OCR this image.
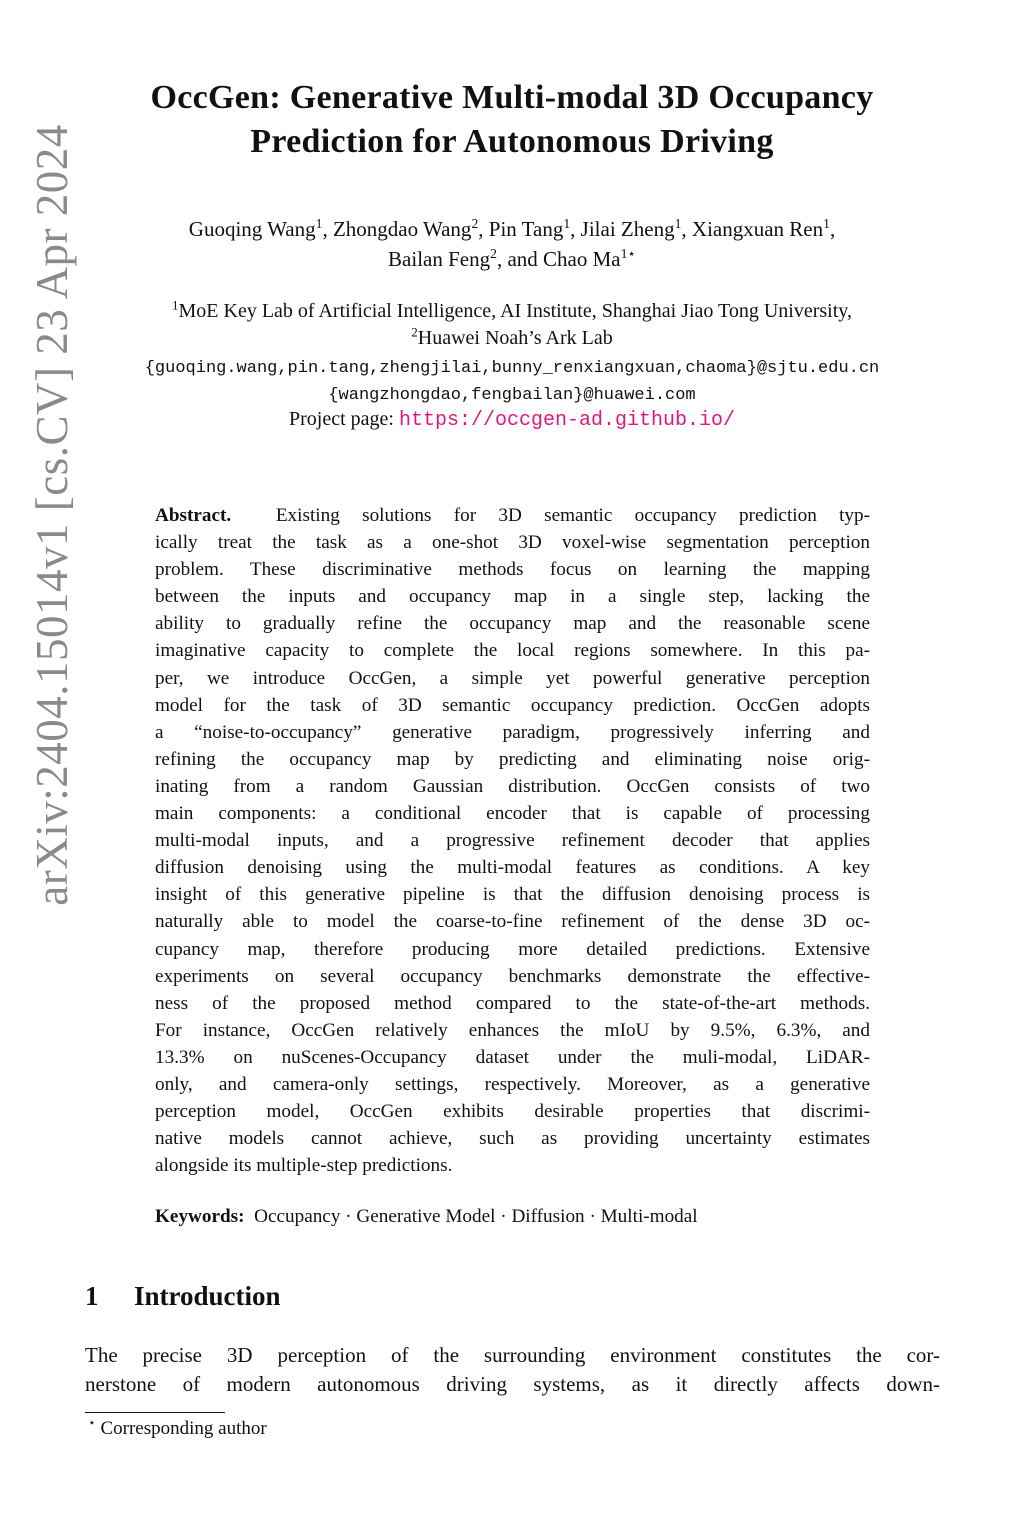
arXiv:2404.15014v1 [cs.CV] 23 Apr 2024
OccGen: Generative Multi-modal 3D Occupancy
Prediction for Autonomous Driving
Guoqing Wang$^1$, Zhongdao Wang$^2$, Pin Tang$^1$, Jilai Zheng$^1$, Xiangxuan Ren$^1$,
Bailan Feng$^2$, and Chao $Ma^{1⋆}$
$^1$MoE Key Lab of Artificial Intelligence, AI Institute, Shanghai Jiao Tong University,
$^2$Huawei Noah’s Ark Lab
{guoqing.wang,pin.tang,zhengjilai,bunny_renxiangxuan,chaoma}@sjtu.edu.cn
{wangzhongdao,fengbailan}@huawei.com
Project page: https://occgen-ad.github.io/
Abstract. Existing solutions for 3D semantic occupancy prediction typ-
ically treat the task as a one-shot 3D voxel-wise segmentation perception
problem. These discriminative methods focus on learning the mapping
between the inputs and occupancy map in a single step, lacking the
ability to gradually refine the occupancy map and the reasonable scene
imaginative capacity to complete the local regions somewhere. In this pa-
per, we introduce OccGen, a simple yet powerful generative perception
model for the task of 3D semantic occupancy prediction. OccGen adopts
a “noise-to-occupancy” generative paradigm, progressively inferring and
refining the occupancy map by predicting and eliminating noise orig-
inating from a random Gaussian distribution. OccGen consists of two
main components: a conditional encoder that is capable of processing
multi-modal inputs, and a progressive refinement decoder that applies
diffusion denoising using the multi-modal features as conditions. A key
insight of this generative pipeline is that the diffusion denoising process is
naturally able to model the coarse-to-fine refinement of the dense 3D oc-
cupancy map, therefore producing more detailed predictions. Extensive
experiments on several occupancy benchmarks demonstrate the effective-
ness of the proposed method compared to the state-of-the-art methods.
For instance, OccGen relatively enhances the mIoU by 9.5%, 6.3%, and
13.3% on nuScenes-Occupancy dataset under the muli-modal, LiDAR-
only, and camera-only settings, respectively. Moreover, as a generative
perception model, OccGen exhibits desirable properties that discrimi-
native models cannot achieve, such as providing uncertainty estimates
alongside its multiple-step predictions.
Keywords: Occupancy · Generative Model · Diffusion · Multi-modal
1 Introduction
The precise 3D perception of the surrounding environment constitutes the cor-
nerstone of modern autonomous driving systems, as it directly affects down-
⋆ Corresponding author
